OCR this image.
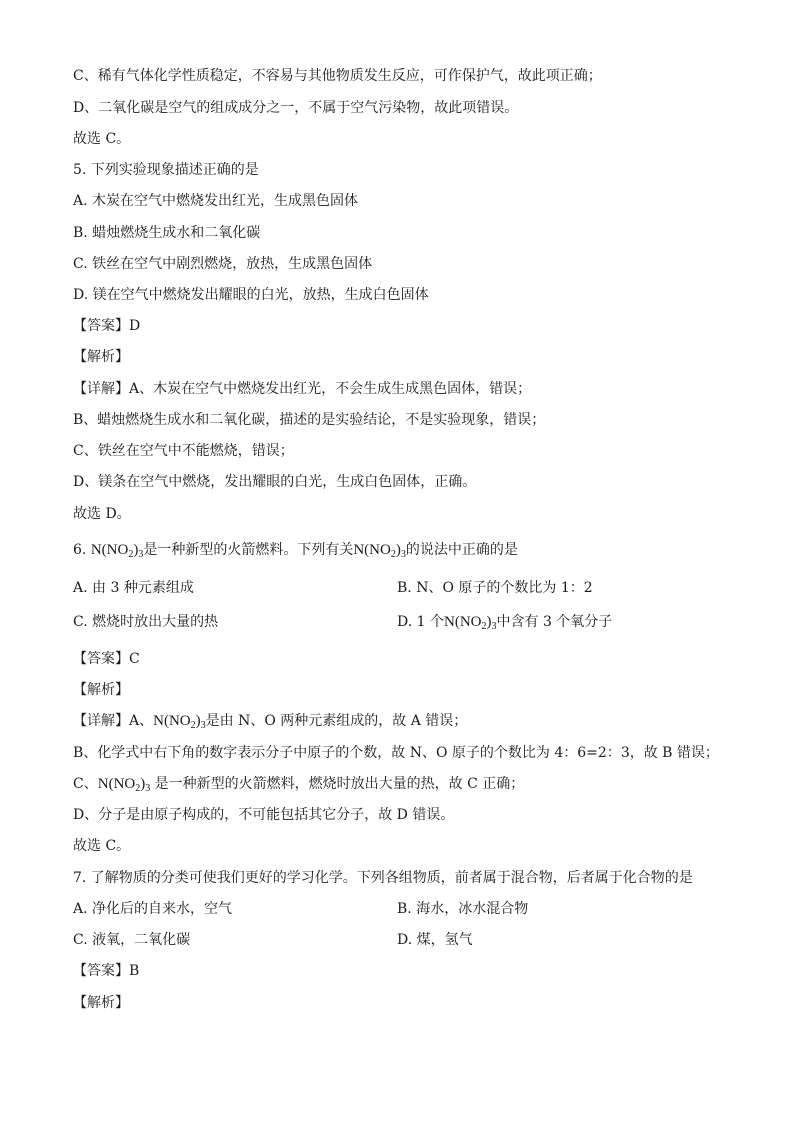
C、稀有气体化学性质稳定，不容易与其他物质发生反应，可作保护气，故此项正确；
D、二氧化碳是空气的组成成分之一，不属于空气污染物，故此项错误。
故选 C。
5. 下列实验现象描述正确的是
A. 木炭在空气中燃烧发出红光，生成黑色固体
B. 蜡烛燃烧生成水和二氧化碳
C. 铁丝在空气中剧烈燃烧，放热，生成黑色固体
D. 镁在空气中燃烧发出耀眼的白光，放热，生成白色固体
【答案】D
【解析】
【详解】A、木炭在空气中燃烧发出红光，不会生成生成黑色固体，错误；
B、蜡烛燃烧生成水和二氧化碳，描述的是实验结论，不是实验现象，错误；
C、铁丝在空气中不能燃烧，错误；
D、镁条在空气中燃烧，发出耀眼的白光，生成白色固体，正确。
故选 D。
6. $N(NO_2)_3$是一种新型的火箭燃料。下列有关$N(NO_2)_3$的说法中正确的是
A. 由 3 种元素组成	B. N、O 原子的个数比为 1：2
C. 燃烧时放出大量的热	D. 1 个$N(NO_2)_3$中含有 3 个氧分子
【答案】C
【解析】
【详解】A、$N(NO_2)_3$是由 N、O 两种元素组成的，故 A 错误；
B、化学式中右下角的数字表示分子中原子的个数，故 N、O 原子的个数比为 4：6=2：3，故 B 错误；
C、$N(NO_2)_3$ 是一种新型的火箭燃料，燃烧时放出大量的热，故 C 正确；
D、分子是由原子构成的，不可能包括其它分子，故 D 错误。
故选 C。
7. 了解物质的分类可使我们更好的学习化学。下列各组物质，前者属于混合物，后者属于化合物的是
A. 净化后的自来水，空气	B. 海水，冰水混合物
C. 液氧，二氧化碳	D. 煤，氢气
【答案】B
【解析】
